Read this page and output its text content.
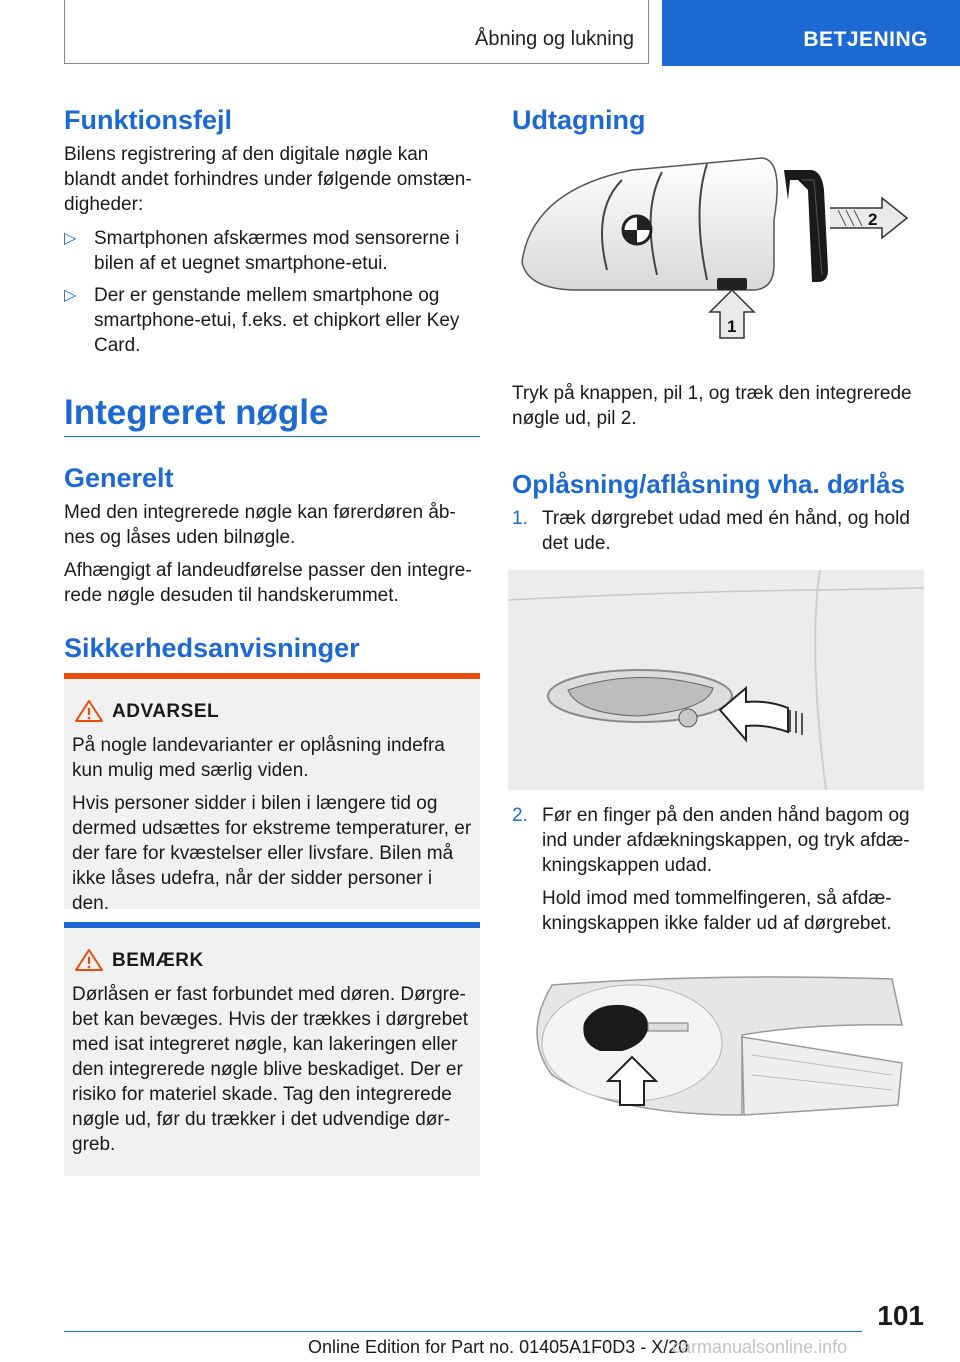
Åbning og lukning	BETJENING
Funktionsfejl

Bilens registrering af den digitale nøgle kan blandt andet forhindres under følgende omstæn-digheder:

▷ Smartphonen afskærmes mod sensorerne i bilen af et uegnet smartphone-etui.
▷ Der er genstande mellem smartphone og smartphone-etui, f.eks. et chipkort eller Key Card.
Integreret nøgle
Generelt

Med den integrerede nøgle kan førerdøren åb-nes og låses uden bilnøgle.

Afhængigt af landeudførelse passer den integre-rede nøgle desuden til handskerummet.

Sikkerhedsanvisninger
ADVARSEL

På nogle landevarianter er oplåsning indefra kun mulig med særlig viden.

Hvis personer sidder i bilen i længere tid og dermed udsættes for ekstreme temperaturer, er der fare for kvæstelser eller livsfare. Bilen må ikke låses udefra, når der sidder personer i den.

BEMÆRK

Dørlåsen er fast forbundet med døren. Dørgre-bet kan bevæges. Hvis der trækkes i dørgrebet med isat integreret nøgle, kan lakeringen eller den integrerede nøgle blive beskadiget. Der er risiko for materiel skade. Tag den integrerede nøgle ud, før du trækker i det udvendige dør-greb.

Udtagning
2
1

Tryk på knappen, pil 1, og træk den integrerede nøgle ud, pil 2.

Oplåsning/aflåsning vha. dørlås
1. Træk dørgrebet udad med én hånd, og hold det ude.
2. Før en finger på den anden hånd bagom og ind under afdækningskappen, og tryk afdæ-kningskappen udad.

Hold imod med tommelfingeren, så afdæ-kningskappen ikke falder ud af dørgrebet.

101
Online Edition for Part no. 01405A1F0D3 - X/20
carmanualsonline.info
